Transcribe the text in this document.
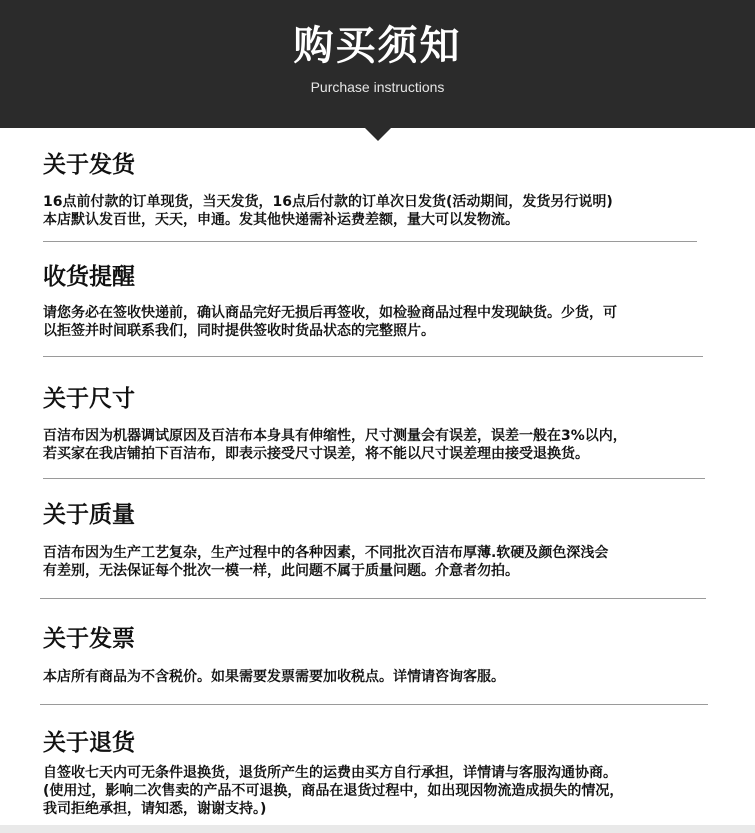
购买须知
Purchase instructions
关于发货
16点前付款的订单现货，当天发货，16点后付款的订单次日发货(活动期间，发货另行说明)
本店默认发百世，天天，申通。发其他快递需补运费差额，量大可以发物流。
收货提醒
请您务必在签收快递前，确认商品完好无损后再签收，如检验商品过程中发现缺货。少货，可
以拒签并时间联系我们，同时提供签收时货品状态的完整照片。
关于尺寸
百洁布因为机器调试原因及百洁布本身具有伸缩性，尺寸测量会有误差，误差一般在3%以内，
若买家在我店铺拍下百洁布，即表示接受尺寸误差，将不能以尺寸误差理由接受退换货。
关于质量
百洁布因为生产工艺复杂，生产过程中的各种因素，不同批次百洁布厚薄.软硬及颜色深浅会
有差别，无法保证每个批次一模一样，此问题不属于质量问题。介意者勿拍。
关于发票
本店所有商品为不含税价。如果需要发票需要加收税点。详情请咨询客服。
关于退货
自签收七天内可无条件退换货，退货所产生的运费由买方自行承担，详情请与客服沟通协商。
(使用过，影响二次售卖的产品不可退换，商品在退货过程中，如出现因物流造成损失的情况，
我司拒绝承担，请知悉，谢谢支持。)
